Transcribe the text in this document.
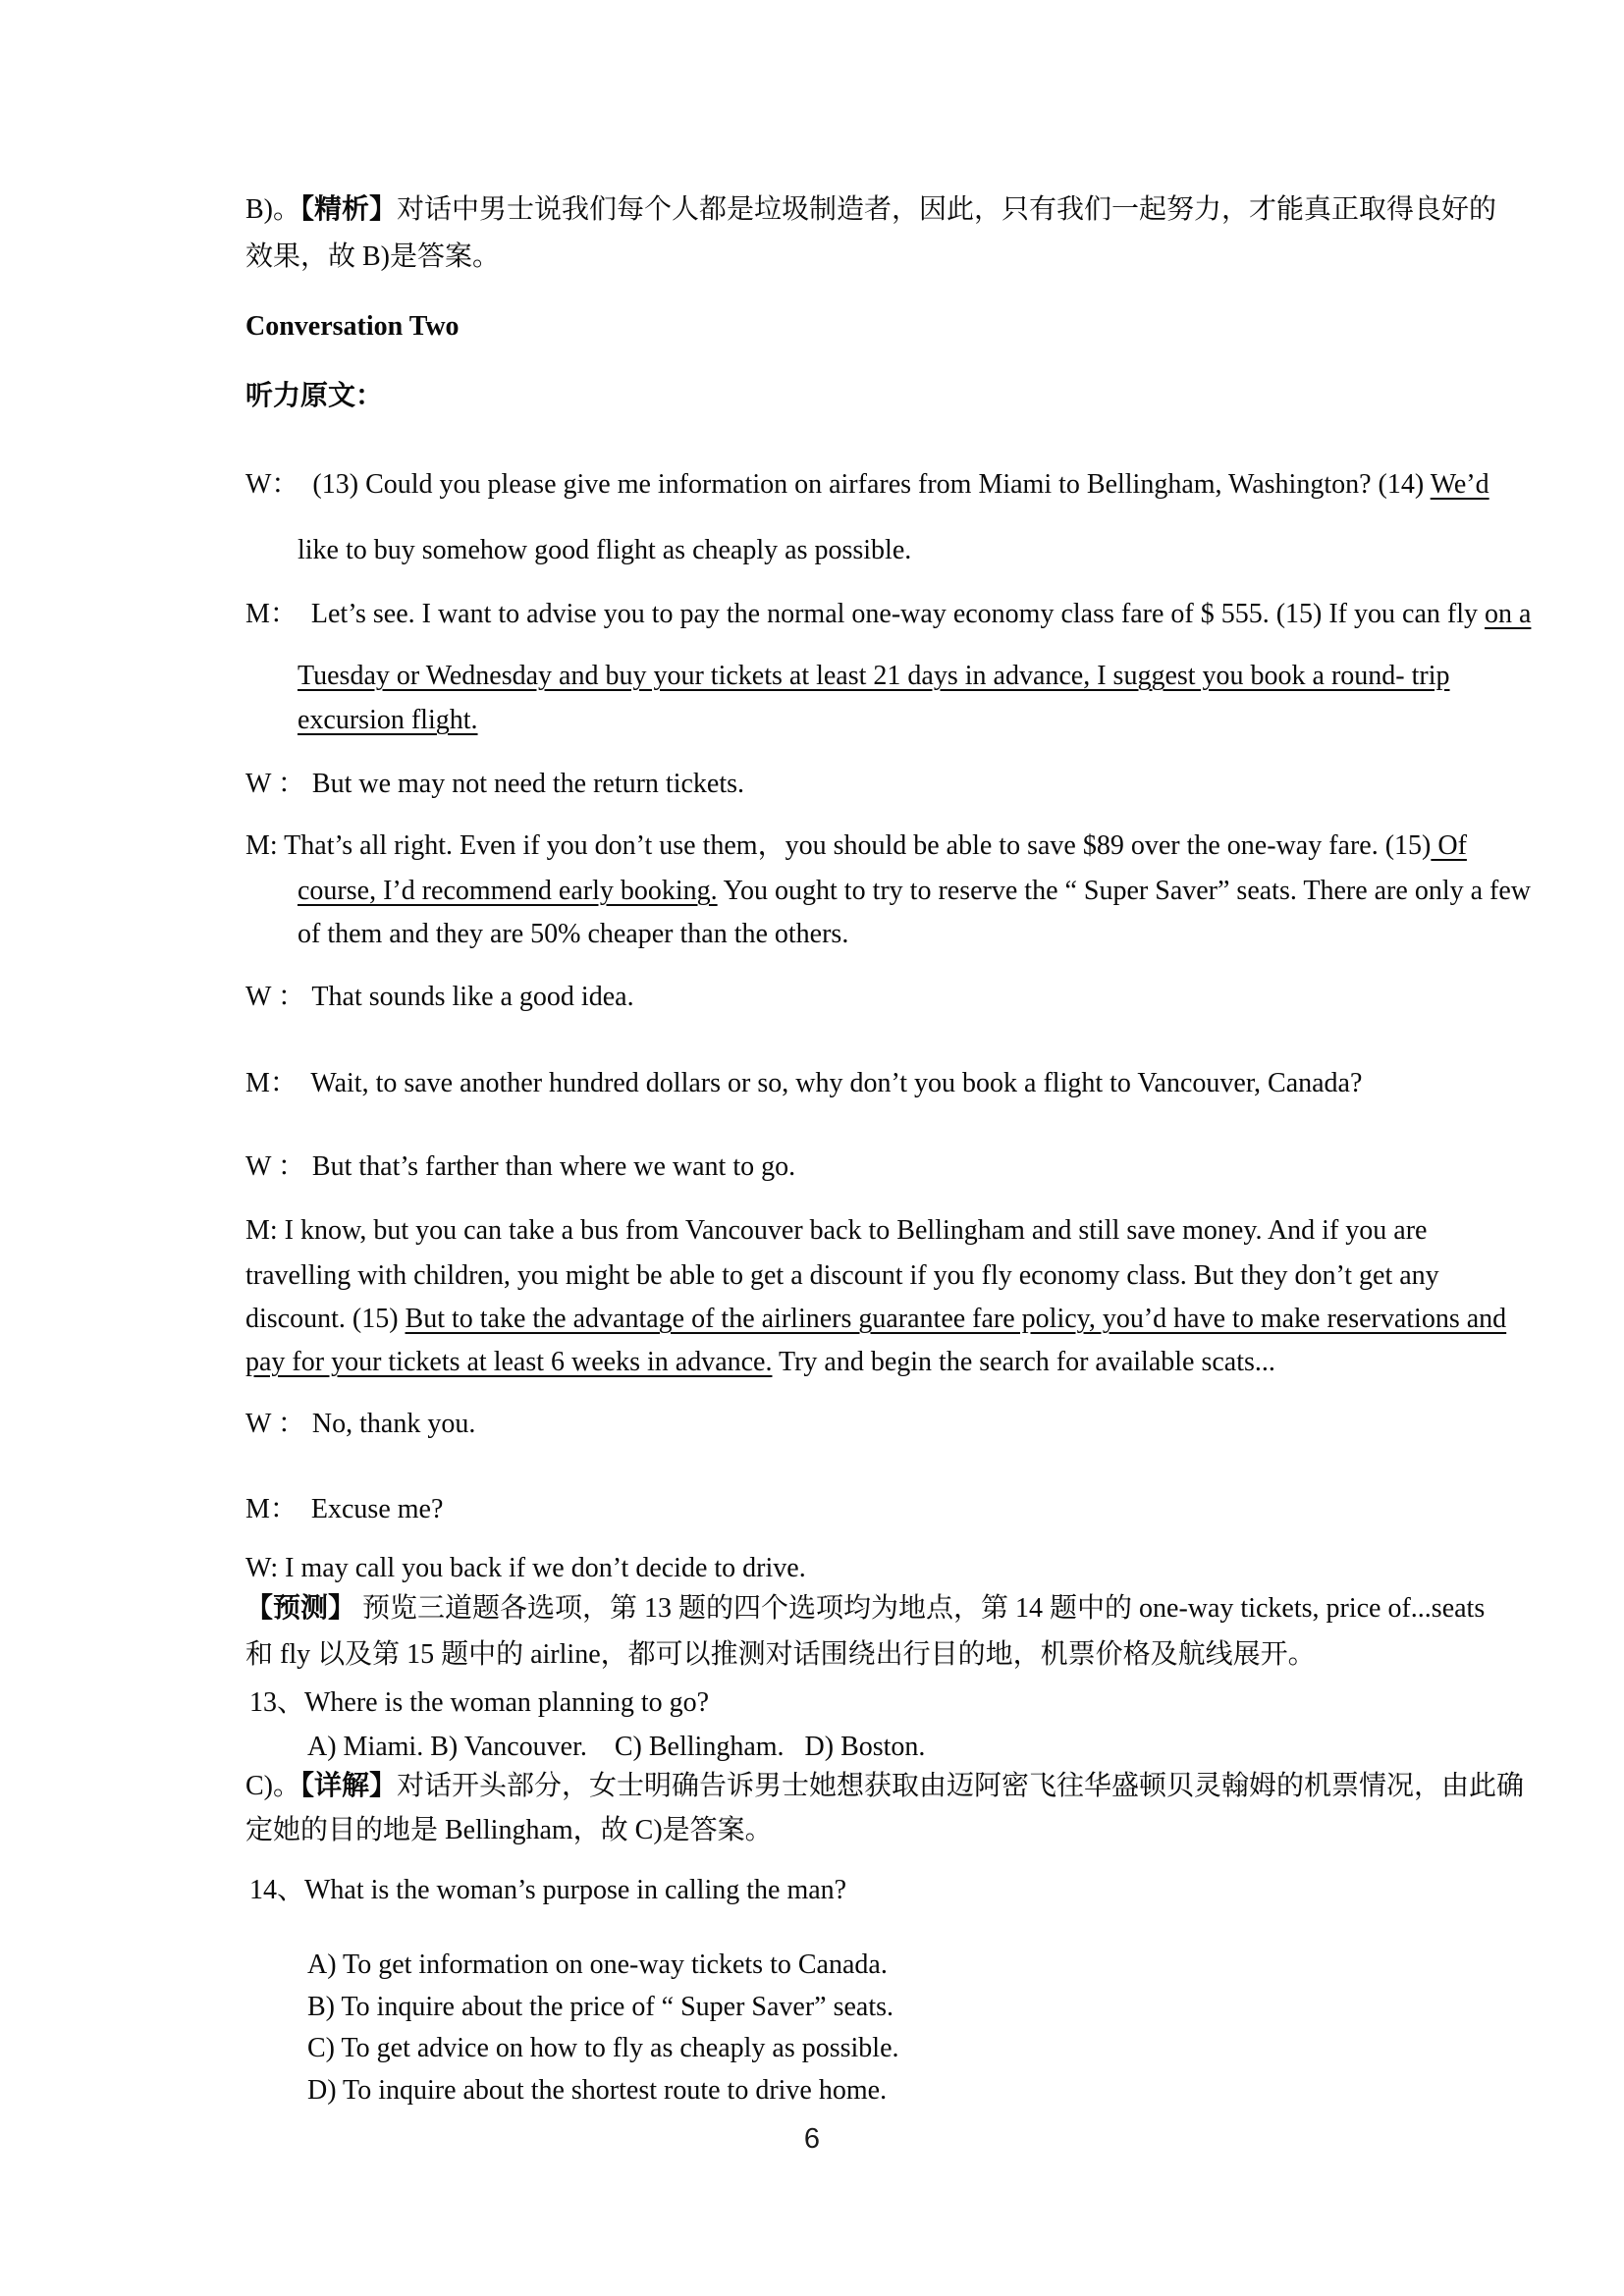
B)。【精析】对话中男士说我们每个人都是垃圾制造者，因此，只有我们一起努力，才能真正取得良好的
效果，故 B)是答案。
Conversation Two
听力原文：
W：  (13) Could you please give me information on airfares from Miami to Bellingham, Washington? (14) We’d
like to buy somehow good flight as cheaply as possible.
M：  Let’s see. I want to advise you to pay the normal one-way economy class fare of $ 555. (15) If you can fly on a
Tuesday or Wednesday and buy your tickets at least 21 days in advance, I suggest you book a round- trip
excursion flight.
W ： But we may not need the return tickets.
M: That’s all right. Even if you don’t use them，you should be able to save $89 over the one-way fare. (15) Of
course, I’d recommend early booking. You ought to try to reserve the “ Super Saver” seats. There are only a few
of them and they are 50% cheaper than the others.
W ： That sounds like a good idea.
M：  Wait, to save another hundred dollars or so, why don’t you book a flight to Vancouver, Canada?
W ： But that’s farther than where we want to go.
M: I know, but you can take a bus from Vancouver back to Bellingham and still save money. And if you are
travelling with children, you might be able to get a discount if you fly economy class. But they don’t get any
discount. (15) But to take the advantage of the airliners guarantee fare policy, you’d have to make reservations and
pay for your tickets at least 6 weeks in advance. Try and begin the search for available scats...
W ： No, thank you.
M：  Excuse me?
W: I may call you back if we don’t decide to drive.
【预测】 预览三道题各选项，第 13 题的四个选项均为地点，第 14 题中的 one-way tickets, price of...seats
和 fly 以及第 15 题中的 airline，都可以推测对话围绕出行目的地，机票价格及航线展开。
13、Where is the woman planning to go?
A) Miami. B) Vancouver.    C) Bellingham.   D) Boston.
C)。【详解】对话开头部分，女士明确告诉男士她想获取由迈阿密飞往华盛顿贝灵翰姆的机票情况，由此确
定她的目的地是 Bellingham，故 C)是答案。
14、What is the woman’s purpose in calling the man?
A) To get information on one-way tickets to Canada.
B) To inquire about the price of “ Super Saver” seats.
C) To get advice on how to fly as cheaply as possible.
D) To inquire about the shortest route to drive home.
6
